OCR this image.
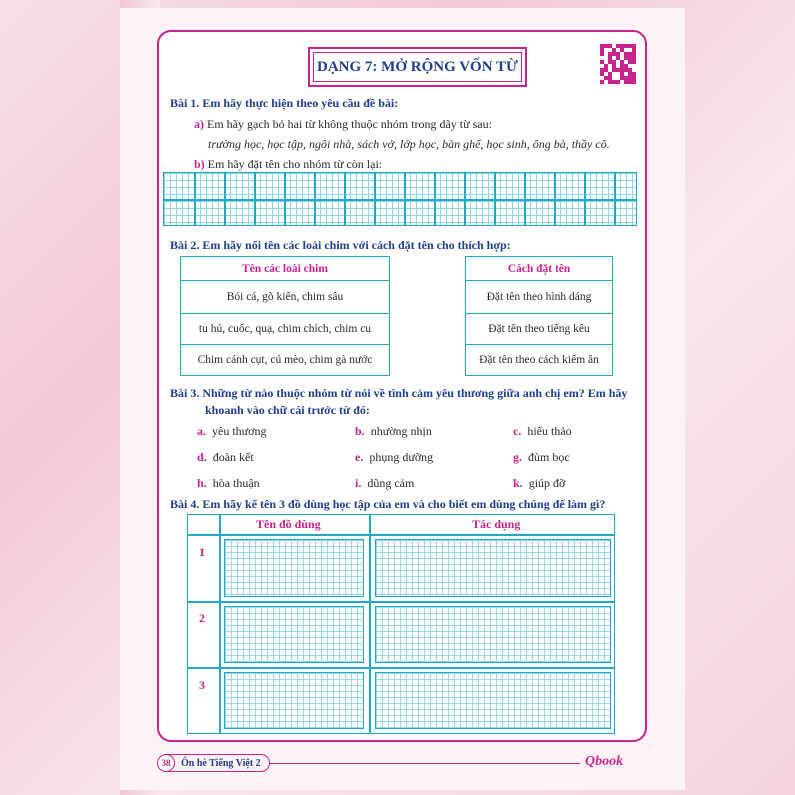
DẠNG 7: MỞ RỘNG VỐN TỪ
Bài 1. Em hãy thực hiện theo yêu cầu đề bài:
a) Em hãy gạch bỏ hai từ không thuộc nhóm trong dãy từ sau:
trường học, học tập, ngôi nhà, sách vở, lớp học, bàn ghế, học sinh, ông bà, thầy cô.
b) Em hãy đặt tên cho nhóm từ còn lại:
Bài 2. Em hãy nối tên các loài chim với cách đặt tên cho thích hợp:
Tên các loài chim
Bói cá, gõ kiến, chim sâu
tu hú, cuốc, quạ, chim chích, chim cu
Chim cánh cụt, cú mèo, chim gà nước
Cách đặt tên
Đặt tên theo hình dáng
Đặt tên theo tiếng kêu
Đặt tên theo cách kiếm ăn
Bài 3. Những từ nào thuộc nhóm từ nói về tình cảm yêu thương giữa anh chị em? Em hãy
khoanh vào chữ cái trước từ đó:
a. yêu thương	b. nhường nhịn	c. hiếu thảo
d. đoàn kết	e. phụng dưỡng	g. đùm bọc
h. hòa thuận	i. dũng cảm	k. giúp đỡ
Bài 4. Em hãy kể tên 3 đồ dùng học tập của em và cho biết em dùng chúng để làm gì?
Tên đồ dùng	Tác dụng
1
2
3
38	Ôn hè Tiếng Việt 2	Qbook
